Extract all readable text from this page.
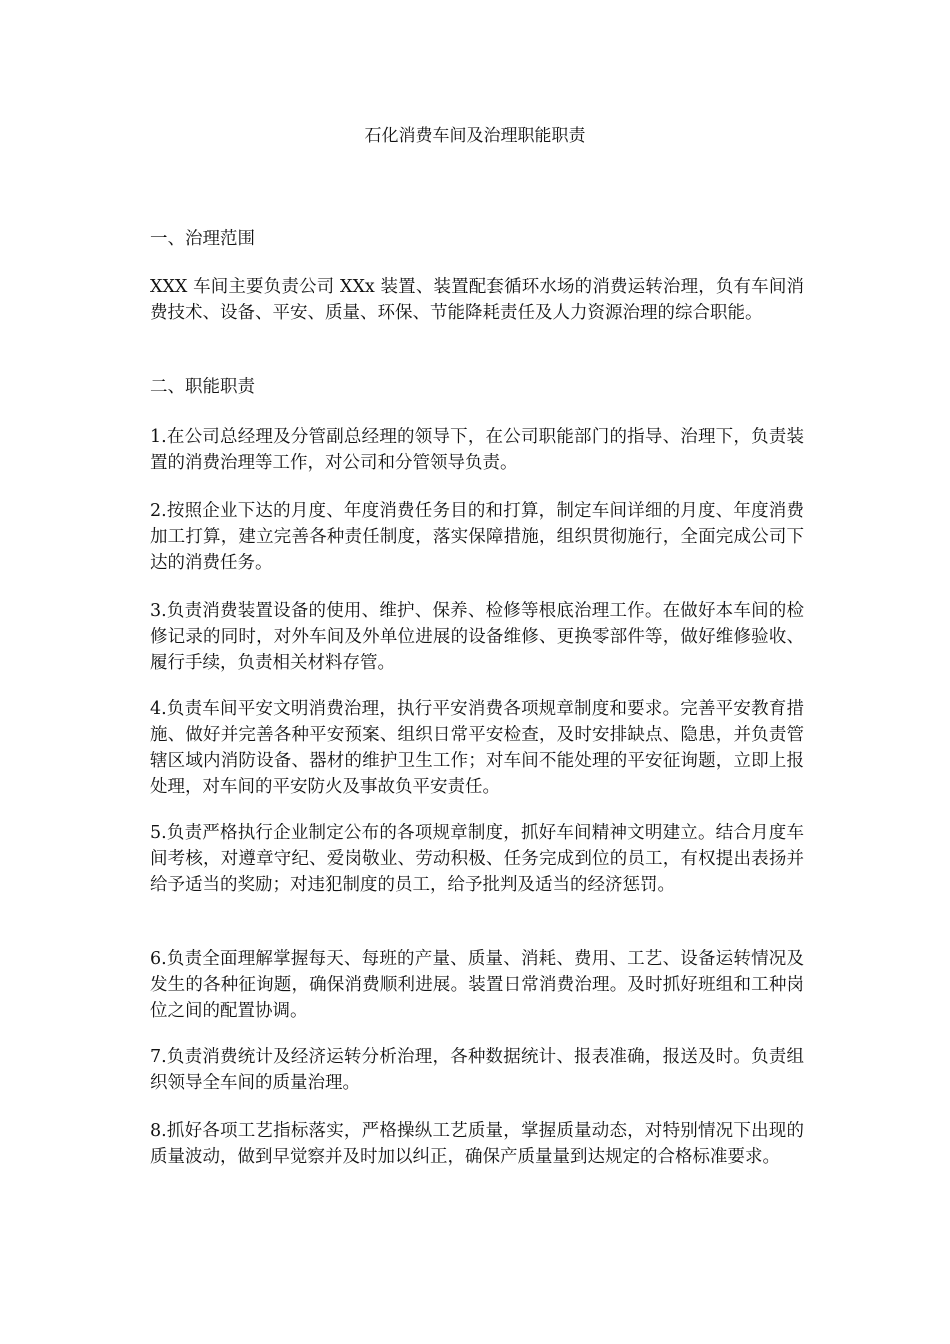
石化消费车间及治理职能职责

一、治理范围

XXX 车间主要负责公司 XXx 装置、装置配套循环水场的消费运转治理，负有车间消费技术、设备、平安、质量、环保、节能降耗责任及人力资源治理的综合职能。

二、职能职责

1.在公司总经理及分管副总经理的领导下，在公司职能部门的指导、治理下，负责装置的消费治理等工作，对公司和分管领导负责。

2.按照企业下达的月度、年度消费任务目的和打算，制定车间详细的月度、年度消费加工打算，建立完善各种责任制度，落实保障措施，组织贯彻施行，全面完成公司下达的消费任务。

3.负责消费装置设备的使用、维护、保养、检修等根底治理工作。在做好本车间的检修记录的同时，对外车间及外单位进展的设备维修、更换零部件等，做好维修验收、履行手续，负责相关材料存管。

4.负责车间平安文明消费治理，执行平安消费各项规章制度和要求。完善平安教育措施、做好并完善各种平安预案、组织日常平安检查，及时安排缺点、隐患，并负责管辖区域内消防设备、器材的维护卫生工作；对车间不能处理的平安征询题，立即上报处理，对车间的平安防火及事故负平安责任。

5.负责严格执行企业制定公布的各项规章制度，抓好车间精神文明建立。结合月度车间考核，对遵章守纪、爱岗敬业、劳动积极、任务完成到位的员工，有权提出表扬并给予适当的奖励；对违犯制度的员工，给予批判及适当的经济惩罚。

6.负责全面理解掌握每天、每班的产量、质量、消耗、费用、工艺、设备运转情况及发生的各种征询题，确保消费顺利进展。装置日常消费治理。及时抓好班组和工种岗位之间的配置协调。

7.负责消费统计及经济运转分析治理，各种数据统计、报表准确，报送及时。负责组织领导全车间的质量治理。

8.抓好各项工艺指标落实，严格操纵工艺质量，掌握质量动态，对特别情况下出现的质量波动，做到早觉察并及时加以纠正，确保产质量量到达规定的合格标准要求。
